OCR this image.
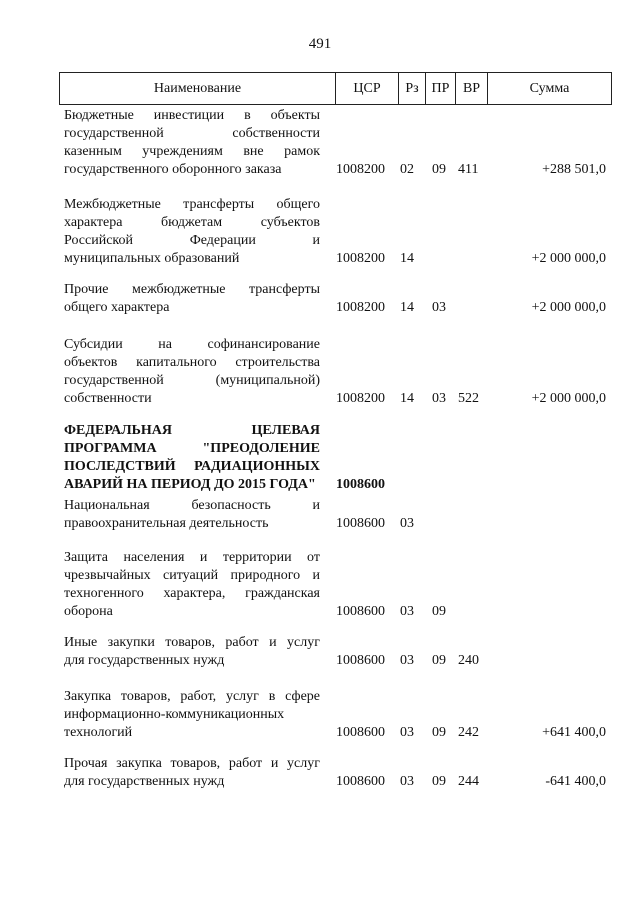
491
Наименование	ЦСР	Рз ПР ВР	Сумма
Бюджетные инвестиции в объекты
государственной собственности
казенным учреждениям вне рамок
государственного оборонного заказа	1008200 02 09 411	+288 501,0
Межбюджетные трансферты общего
характера бюджетам субъектов
Российской Федерации и
муниципальных образований	1008200 14	+2 000 000,0
Прочие межбюджетные трансферты
общего характера	1008200 14 03	+2 000 000,0
Субсидии на софинансирование
объектов капитального строительства
государственной (муниципальной)
собственности	1008200 14 03 522	+2 000 000,0
ФЕДЕРАЛЬНАЯ ЦЕЛЕВАЯ
ПРОГРАММА "ПРЕОДОЛЕНИЕ
ПОСЛЕДСТВИЙ РАДИАЦИОННЫХ
АВАРИЙ НА ПЕРИОД ДО 2015 ГОДА"	1008600
Национальная безопасность и
правоохранительная деятельность	1008600 03
Защита населения и территории от
чрезвычайных ситуаций природного и
техногенного характера, гражданская
оборона	1008600 03 09
Иные закупки товаров, работ и услуг
для государственных нужд	1008600 03 09 240
Закупка товаров, работ, услуг в сфере
информационно-коммуникационных
технологий	1008600 03 09 242	+641 400,0
Прочая закупка товаров, работ и услуг
для государственных нужд	1008600 03 09 244	-641 400,0
